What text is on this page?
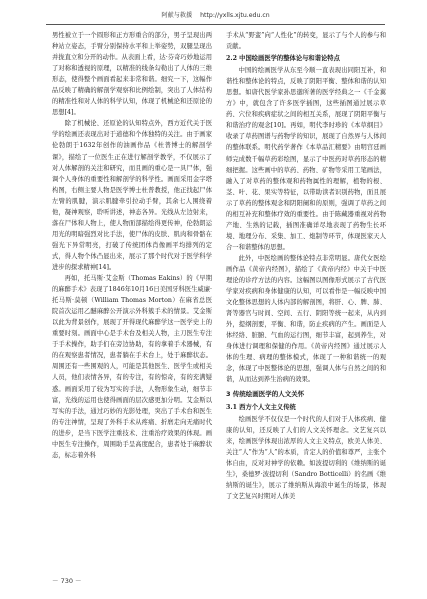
阿献与救援 http://yxlls.xjtu.edu.cn

男性被立于一个圆形和正方形重合的部分，男子呈现出两种站立姿态，手臂分别保持水平和上举姿势，双腿呈现出并拢直立和分开的动作。从表面上看，达·芬奇巧妙地运用了对称和透视的原理，以精准的线条勾勒出了人体的三维形态，使得整个画面看起来非常和谐。细究一下，这幅作品反映了精确的解剖学观察和比例绘制，突出了人体结构的精准性和对人体的科学认知，体现了机械论和还原论的思想[4]。

除了机械论、还原论的认知特点外，西方近代关于医学的绘画还表现出对于道德和个体独特的关注。由于画家伦勃朗于1632年创作的油画作品《杜普博士的解剖学课》，描绘了一位医生正在进行解剖学教学，不仅展示了对人体解剖的关注和研究，而且画的重心是一具尸体，强调个人身体的重要性和解剖学的科学性。画面采用金字塔构图，右侧主要人物是医学博士杜普教授，他正找起尸体左臂的肌腱，演示肌腱牵引拉动手臂，其余七人围绕着他，凝神观察，聆听讲述，神态各异。光线从左边射来，落在尸体和人物上，使人物面部描绘得更传神，伦勃朗运用光的明暗强烈对比手法，使尸体的皮肤、肌肉和骨骼在强光下异常明亮，打破了传统团体肖像画平均排列的定式，得人物个体凸显出来，展示了那个时代对于医学科学进步的探求精神[14]。

再如，托马斯·艾金斯（Thomas Eakins）的《早期的麻醉手术》表现了1846年10月16日美国牙科医生威廉·托马斯·莫顿（William Thomas Morton）在麻省总医院首次运用乙醚麻醉公开演示外科簇手术的情景。艾金斯以此为背景创作，展现了开得现代麻醉学这一医学史上的重要时刻。画面中心是手术台及相关人物，主刀医生专注于手术操作，助手们在旁边协助，有的拿着手术器械，有的在观察患者情况，患者躺在手术台上，处于麻醉状态。周围还有一些围观的人，可能是其他医生、医学生或相关人员，他们表情各异，有的专注，有的惊奇，有的充满疑惑。画面采用了较为写实的手法，人物形象生动，细节丰富，光线的运用也使得画面的层次感更加分明。艾金斯以写实的手法，通过巧妙的光影处理，突出了手术台和医生的专注神情，呈现了外科手术从疼痛、折磨走向无痛时代的进步，是当下医学注重技术、注重治疗效果的体现。画中医生专注操作，周围助手呈高度配合，患者处于麻醉状态，标志着外科

手术从“野蛮”向“人性化”的转变，显示了与个人的参与和贡献。

2.2 中国绘画医学的整体论与和谐论特点

中国的绘画医学从东至今顺一直表现出同阳互补，和谐性和整体论的特点，反映了阴阳平衡、整体和谐的认知思想。如唐代医学家孙思邈所著的医学经典之一《千金翼方》中，就包含了许多医学插图，这些插图通过展示草药、穴位和疾病症状之间的相互关系，展现了阴阳平衡与和谐治疗的观念[10]。再如，明代李时珍的《本草纲目》收录了草药图谱与药物学的知识，展现了自然界与人体间的整体联系。明代药学著作《本草品汇精要》由明宫廷画师完成数千幅草药彩绘图，显示了中医药对草药形态的精细把握。这些画中的草药、药物、矿物等采用工笔画法，融入了对草药的整体观和药物属性的理解，植物的根、茎、叶、花、果实等特征，以带助读者识别药物，面且展示了草药的整体观念和阴阳阑和的原则，强调了草药之间的相互补充和整体疗效的重要性。由于陈藏器重视对药物产地、生熟的记载，插图准确详尽地表现了药物生长环境、地理分布、采集、加工、炮制等环节，体现医家天人合一和谐整体的思想。

此外，中医绘画的整体论特点非常明显。唐代女医绘画作品《黄帝内经图》，描绘了《黄帝内经》中关于中医理论的诊疗方法的内容。这幅图以图像形式展示了古代医学家对疾病和身体健康的认知，可以看作是一幅反映中国文化整体思想的人体内部的解剖图，将肝、心、脾、肺、肾等器官与时间、空间、五行、阴阳等统一起来，从内到外，提纲剖要，平衡、和谐，防止疾病的产生。画面是人体经络、脏腑、气血的运行图，细节丰富，起到养生，对身体进行调理和保健的作用。《黄帝内经图》通过展示人体的生理、病理的整体模式，体现了一种和谐统一的观念，体现了中医整体论的思想，强调人体与自然之间的和谐，从而达到养生治病的效果。

3 传统绘画医学的人文关怀
3.1 西方个人文主义传统

绘画医学不仅仅是一个时代的人们对于人体疾病、健康的认知，还反映了人们的人文关怀理念。文艺复兴以来，绘画医学体现出浓厚的人文主义特点，欧美人体美、关注“人”作为“人”的本质，肯定人的价值和尊严，主张个体自由，反对对神学的依赖。如波提切利的《维纳斯的诞生》，桑德罗·波提切利（Sandro Botticelli）的名画《维纳斯的诞生》，展示了维纳斯从海浪中诞生的场景，体现了文艺复兴时期对人体美

－ 730 －
